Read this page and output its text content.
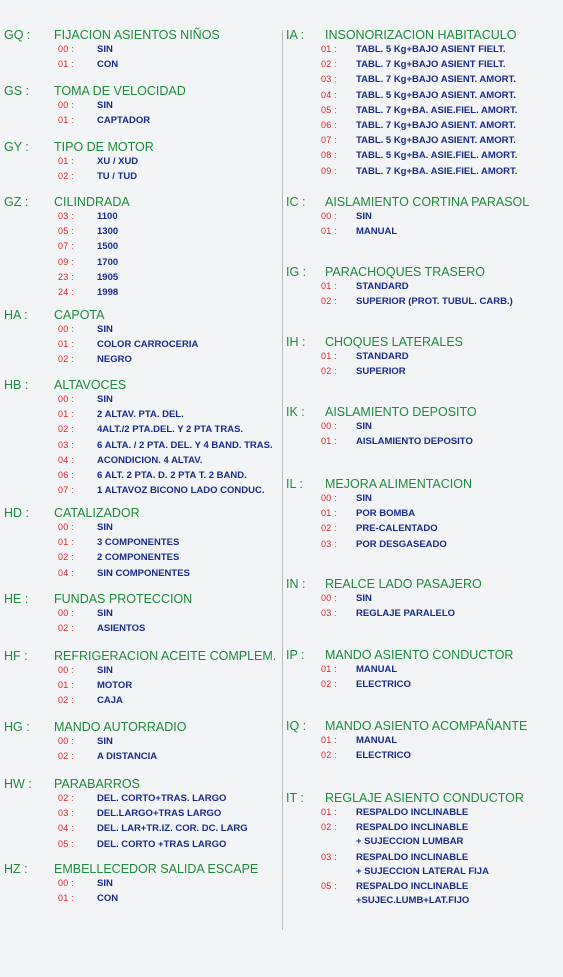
GQ :	FIJACION ASIENTOS NIÑOS
00 :	SIN
01 :	CON
GS :	TOMA DE VELOCIDAD
00 :	SIN
01 :	CAPTADOR
GY :	TIPO DE MOTOR
01 :	XU / XUD
02 :	TU / TUD
GZ :	CILINDRADA
03 :	1100
05 :	1300
07 :	1500
09 :	1700
23 :	1905
24 :	1998
HA :	CAPOTA
00 :	SIN
01 :	COLOR CARROCERIA
02 :	NEGRO
HB :	ALTAVOCES
00 :	SIN
01 :	2 ALTAV. PTA. DEL.
02 :	4ALT./2 PTA.DEL. Y 2 PTA TRAS.
03 :	6 ALTA. / 2 PTA. DEL. Y 4 BAND. TRAS.
04 :	ACONDICION. 4 ALTAV.
06 :	6 ALT. 2 PTA. D. 2 PTA T. 2 BAND.
07 :	1 ALTAVOZ BICONO LADO CONDUC.
HD :	CATALIZADOR
00 :	SIN
01 :	3 COMPONENTES
02 :	2 COMPONENTES
04 :	SIN COMPONENTES
HE :	FUNDAS PROTECCION
00 :	SIN
02 :	ASIENTOS
HF :	REFRIGERACION ACEITE COMPLEM.
00 :	SIN
01 :	MOTOR
02 :	CAJA
HG :	MANDO AUTORRADIO
00 :	SIN
02 :	A DISTANCIA
HW :	PARABARROS
02 :	DEL. CORTO+TRAS. LARGO
03 :	DEL.LARGO+TRAS LARGO
04 :	DEL. LAR+TR.IZ. COR. DC. LARG
05 :	DEL. CORTO +TRAS LARGO
HZ :	EMBELLECEDOR SALIDA ESCAPE
00 :	SIN
01 :	CON
IA :	INSONORIZACION HABITACULO
01 :	TABL. 5 Kg+BAJO ASIENT FIELT.
02 :	TABL. 7 Kg+BAJO ASIENT FIELT.
03 :	TABL. 7 Kg+BAJO ASIENT. AMORT.
04 :	TABL. 5 Kg+BAJO ASIENT. AMORT.
05 :	TABL. 7 Kg+BA. ASIE.FIEL. AMORT.
06 :	TABL. 7 Kg+BAJO ASIENT. AMORT.
07 :	TABL. 5 Kg+BAJO ASIENT. AMORT.
08 :	TABL. 5 Kg+BA. ASIE.FIEL. AMORT.
09 :	TABL. 7 Kg+BA. ASIE.FIEL. AMORT.
IC :	AISLAMIENTO CORTINA PARASOL
00 :	SIN
01 :	MANUAL
IG :	PARACHOQUES TRASERO
01 :	STANDARD
02 :	SUPERIOR (PROT. TUBUL. CARB.)
IH :	CHOQUES LATERALES
01 :	STANDARD
02 :	SUPERIOR
IK :	AISLAMIENTO DEPOSITO
00 :	SIN
01 :	AISLAMIENTO DEPOSITO
IL :	MEJORA ALIMENTACION
00 :	SIN
01 :	POR BOMBA
02 :	PRE-CALENTADO
03 :	POR DESGASEADO
IN :	REALCE LADO PASAJERO
00 :	SIN
03 :	REGLAJE PARALELO
IP :	MANDO ASIENTO CONDUCTOR
01 :	MANUAL
02 :	ELECTRICO
IQ :	MANDO ASIENTO ACOMPAÑANTE
01 :	MANUAL
02 :	ELECTRICO
IT :	REGLAJE ASIENTO CONDUCTOR
01 :	RESPALDO INCLINABLE
02 :	RESPALDO INCLINABLE
+ SUJECCION LUMBAR
03 :	RESPALDO INCLINABLE
+ SUJECCION LATERAL FIJA
05 :	RESPALDO INCLINABLE
+SUJEC.LUMB+LAT.FIJO
